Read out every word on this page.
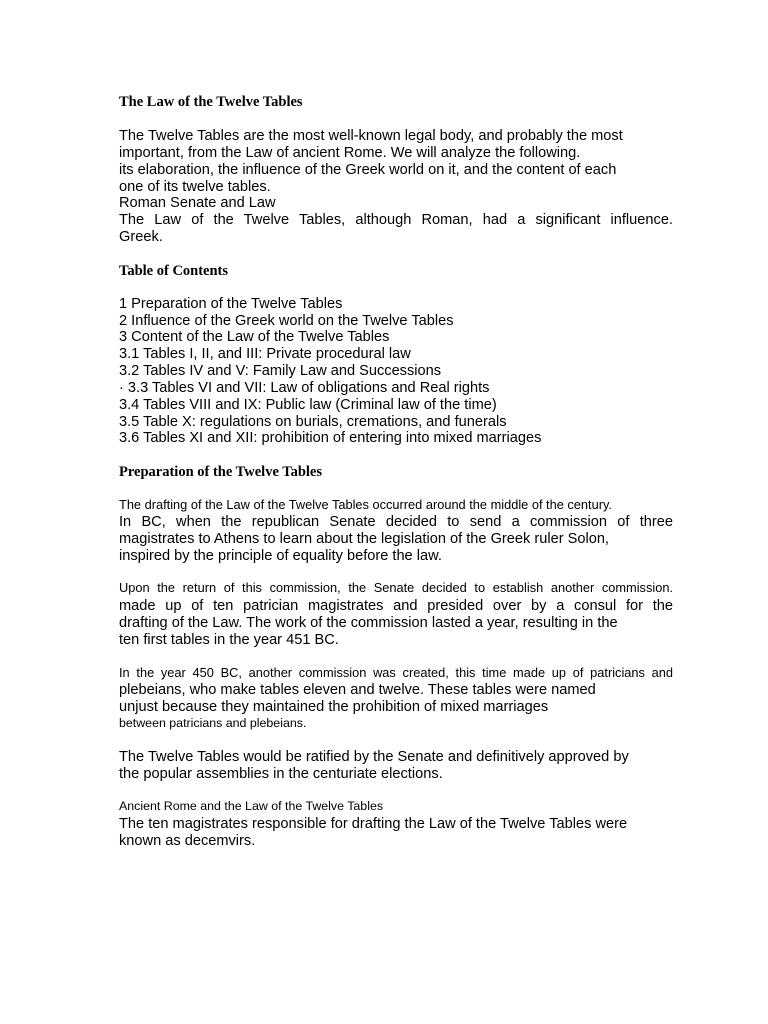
The Law of the Twelve Tables
The Twelve Tables are the most well-known legal body, and probably the most
important, from the Law of ancient Rome. We will analyze the following.
its elaboration, the influence of the Greek world on it, and the content of each
one of its twelve tables.
Roman Senate and Law
The Law of the Twelve Tables, although Roman, had a significant influence.
Greek.
Table of Contents
1 Preparation of the Twelve Tables
2 Influence of the Greek world on the Twelve Tables
3 Content of the Law of the Twelve Tables
3.1 Tables I, II, and III: Private procedural law
3.2 Tables IV and V: Family Law and Successions
· 3.3 Tables VI and VII: Law of obligations and Real rights
3.4 Tables VIII and IX: Public law (Criminal law of the time)
3.5 Table X: regulations on burials, cremations, and funerals
3.6 Tables XI and XII: prohibition of entering into mixed marriages
Preparation of the Twelve Tables
The drafting of the Law of the Twelve Tables occurred around the middle of the century.
In BC, when the republican Senate decided to send a commission of three
magistrates to Athens to learn about the legislation of the Greek ruler Solon,
inspired by the principle of equality before the law.
Upon the return of this commission, the Senate decided to establish another commission.
made up of ten patrician magistrates and presided over by a consul for the
drafting of the Law. The work of the commission lasted a year, resulting in the
ten first tables in the year 451 BC.
In the year 450 BC, another commission was created, this time made up of patricians and
plebeians, who make tables eleven and twelve. These tables were named
unjust because they maintained the prohibition of mixed marriages
between patricians and plebeians.
The Twelve Tables would be ratified by the Senate and definitively approved by
the popular assemblies in the centuriate elections.
Ancient Rome and the Law of the Twelve Tables
The ten magistrates responsible for drafting the Law of the Twelve Tables were
known as decemvirs.
